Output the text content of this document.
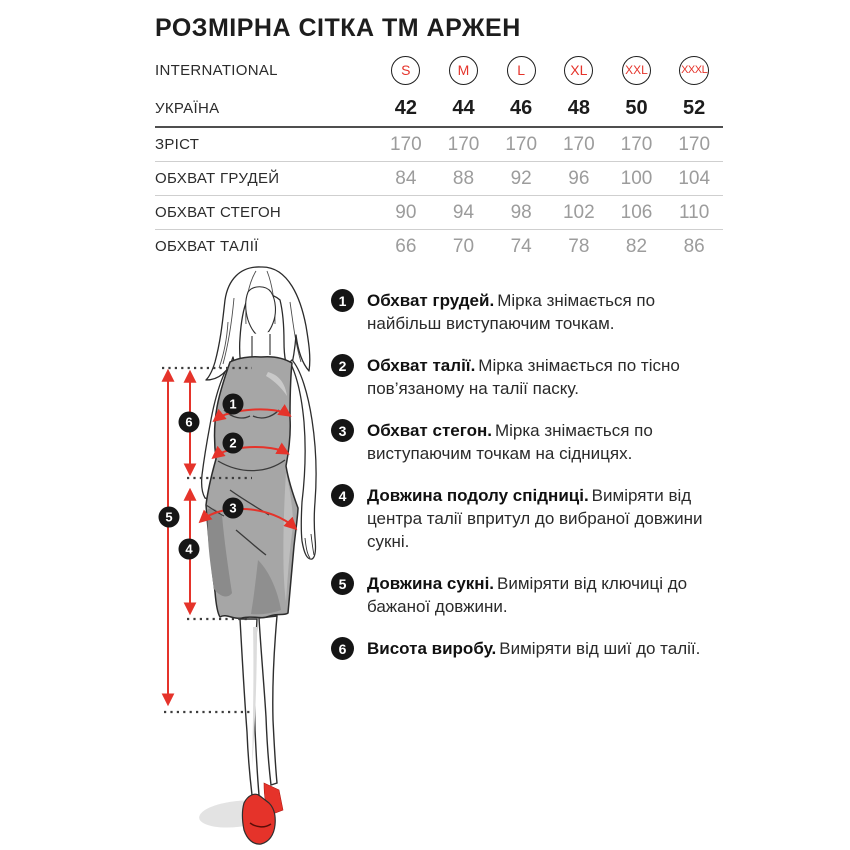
РОЗМІРНА СІТКА ТМ АРЖЕН
INTERNATIONAL	S	M	L	XL	XXL	XXXL
УКРАЇНА	42 44 46 48 50 52
ЗРІСТ	170 170 170 170 170 170
ОБХВАТ ГРУДЕЙ	84 88 92 96 100 104
ОБХВАТ СТЕГОН	90 94 98 102 106 110
ОБХВАТ ТАЛІЇ	66 70 74 78 82 86
1
2
3
4
5
6
1	Обхват грудей. Мірка знімається по найбільш виступаючим точкам.

2	Обхват талії. Мірка знімається по тісно пов’язаному на талії паску.

3	Обхват стегон. Мірка знімається по виступаючим точкам на сідницях.

4	Довжина подолу спідниці. Виміряти від центра талії впритул до вибраної довжини сукні.

5	Довжина сукні. Виміряти від ключиці до бажаної довжини.

6	Висота виробу. Виміряти від шиї до талії.
